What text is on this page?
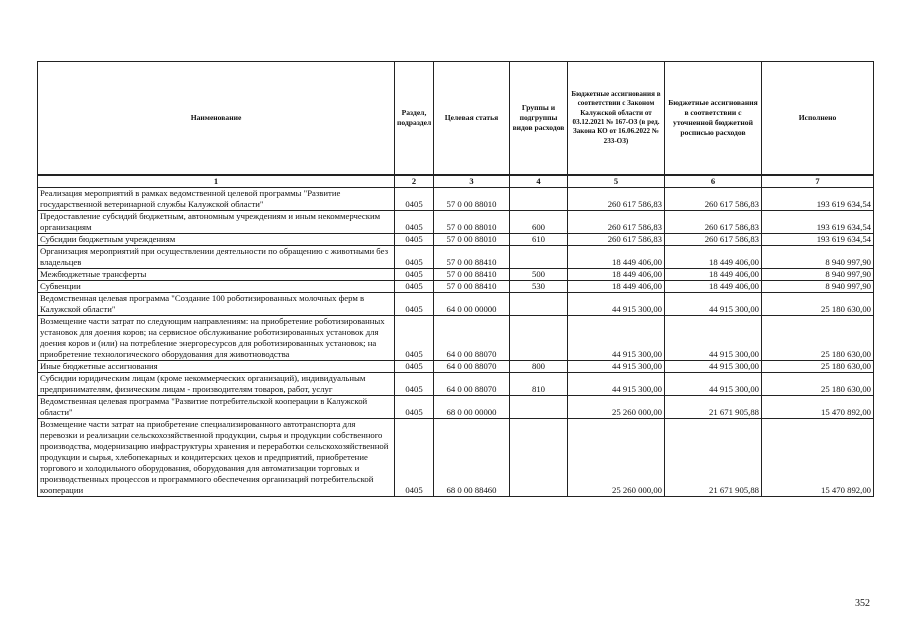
Наименование	Раздел, подраздел	Целевая статья	Группы и подгруппы видов расходов	Бюджетные ассигнования в соответствии с Законом Калужской области от 03.12.2021 № 167-ОЗ (в ред. Закона КО от 16.06.2022 № 233-ОЗ)	Бюджетные ассигнования в соответствии с уточненной бюджетной росписью расходов	Исполнено
1	2	3	4	5	6	7
Реализация мероприятий в рамках ведомственной целевой программы "Развитие государственной ветеринарной службы Калужской области"	0405	57 0 00 88010		260 617 586,83	260 617 586,83	193 619 634,54
Предоставление субсидий бюджетным, автономным учреждениям и иным некоммерческим организациям	0405	57 0 00 88010	600	260 617 586,83	260 617 586,83	193 619 634,54
Субсидии бюджетным учреждениям	0405	57 0 00 88010	610	260 617 586,83	260 617 586,83	193 619 634,54
Организация мероприятий при осуществлении деятельности по обращению с животными без владельцев	0405	57 0 00 88410		18 449 406,00	18 449 406,00	8 940 997,90
Межбюджетные трансферты	0405	57 0 00 88410	500	18 449 406,00	18 449 406,00	8 940 997,90
Субвенции	0405	57 0 00 88410	530	18 449 406,00	18 449 406,00	8 940 997,90
Ведомственная целевая программа "Создание 100 роботизированных молочных ферм в Калужской области"	0405	64 0 00 00000		44 915 300,00	44 915 300,00	25 180 630,00
Возмещение части затрат по следующим направлениям: на приобретение роботизированных установок для доения коров; на сервисное обслуживание роботизированных установок для доения коров и (или) на потребление энергоресурсов для роботизированных установок; на приобретение технологического оборудования для животноводства	0405	64 0 00 88070		44 915 300,00	44 915 300,00	25 180 630,00
Иные бюджетные ассигнования	0405	64 0 00 88070	800	44 915 300,00	44 915 300,00	25 180 630,00
Субсидии юридическим лицам (кроме некоммерческих организаций), индивидуальным предпринимателям, физическим лицам - производителям товаров, работ, услуг	0405	64 0 00 88070	810	44 915 300,00	44 915 300,00	25 180 630,00
Ведомственная целевая программа "Развитие потребительской кооперации в Калужской области"	0405	68 0 00 00000		25 260 000,00	21 671 905,88	15 470 892,00
Возмещение части затрат на приобретение специализированного автотранспорта для перевозки и реализации сельскохозяйственной продукции, сырья и продукции собственного производства, модернизацию инфраструктуры хранения и переработки сельскохозяйственной продукции и сырья, хлебопекарных и кондитерских цехов и предприятий, приобретение торгового и холодильного оборудования, оборудования для автоматизации торговых и производственных процессов и программного обеспечения организаций потребительской кооперации	0405	68 0 00 88460		25 260 000,00	21 671 905,88	15 470 892,00
352
